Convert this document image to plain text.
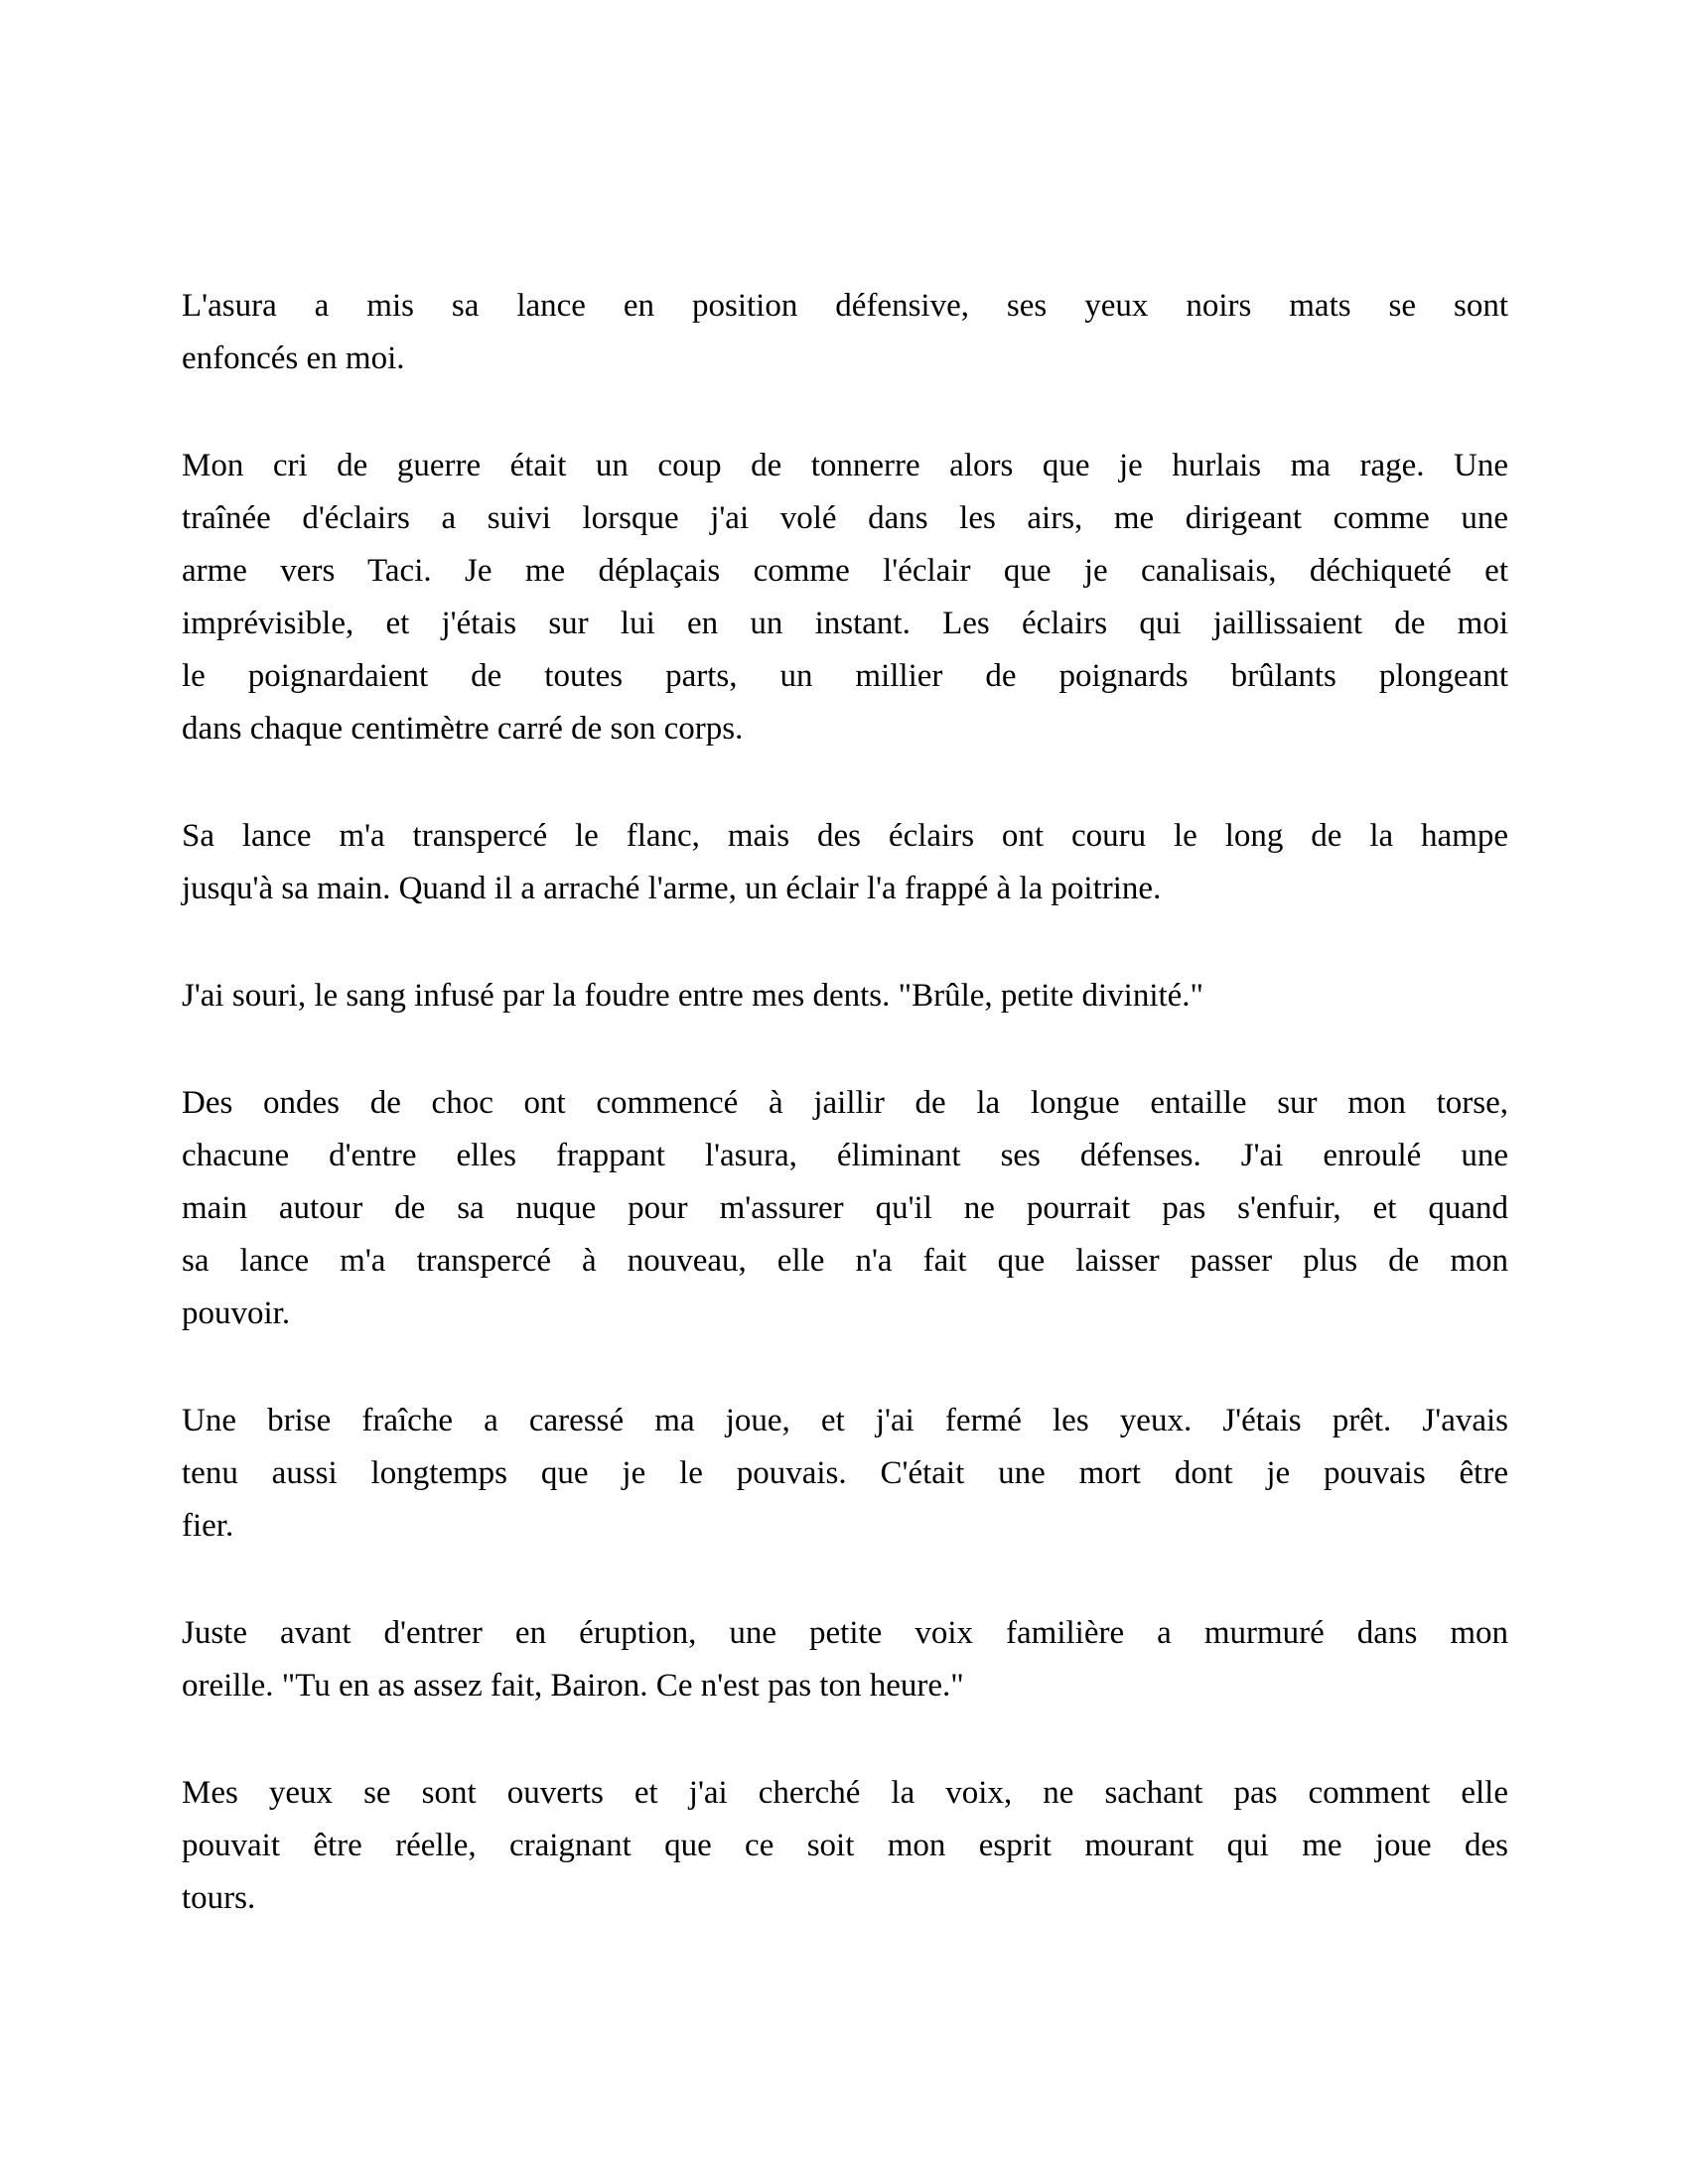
L'asura a mis sa lance en position défensive, ses yeux noirs mats se sont
enfoncés en moi.
Mon cri de guerre était un coup de tonnerre alors que je hurlais ma rage. Une
traînée d'éclairs a suivi lorsque j'ai volé dans les airs, me dirigeant comme une
arme vers Taci. Je me déplaçais comme l'éclair que je canalisais, déchiqueté et
imprévisible, et j'étais sur lui en un instant. Les éclairs qui jaillissaient de moi
le poignardaient de toutes parts, un millier de poignards brûlants plongeant
dans chaque centimètre carré de son corps.
Sa lance m'a transpercé le flanc, mais des éclairs ont couru le long de la hampe
jusqu'à sa main. Quand il a arraché l'arme, un éclair l'a frappé à la poitrine.
J'ai souri, le sang infusé par la foudre entre mes dents. "Brûle, petite divinité."
Des ondes de choc ont commencé à jaillir de la longue entaille sur mon torse,
chacune d'entre elles frappant l'asura, éliminant ses défenses. J'ai enroulé une
main autour de sa nuque pour m'assurer qu'il ne pourrait pas s'enfuir, et quand
sa lance m'a transpercé à nouveau, elle n'a fait que laisser passer plus de mon
pouvoir.
Une brise fraîche a caressé ma joue, et j'ai fermé les yeux. J'étais prêt. J'avais
tenu aussi longtemps que je le pouvais. C'était une mort dont je pouvais être
fier.
Juste avant d'entrer en éruption, une petite voix familière a murmuré dans mon
oreille. "Tu en as assez fait, Bairon. Ce n'est pas ton heure."
Mes yeux se sont ouverts et j'ai cherché la voix, ne sachant pas comment elle
pouvait être réelle, craignant que ce soit mon esprit mourant qui me joue des
tours.
